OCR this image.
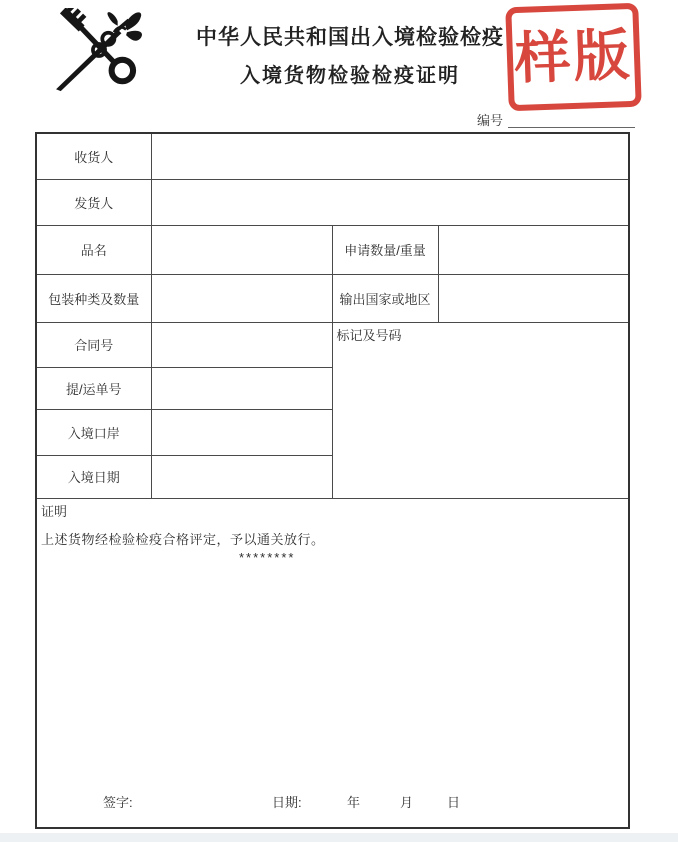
中华人民共和国出入境检验检疫
入境货物检验检疫证明 样版
编号
收货人			
发货人			
品名		申请数量/重量	
包装种类及数量		输出国家或地区	
合同号		标记及号码	
提/运单号			
入境口岸			
入境日期			

证明
上述货物经检验检疫合格评定，予以通关放行。
********
签字:	日期:	年	月	日
